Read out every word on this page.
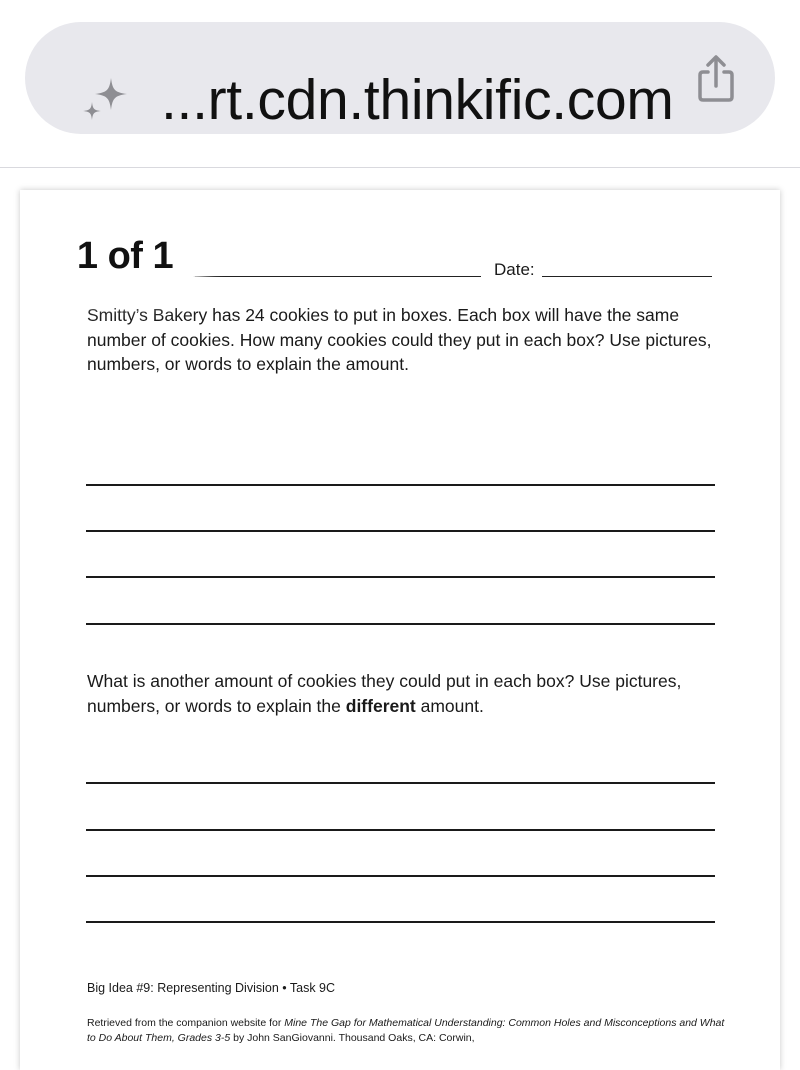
...rt.cdn.thinkific.com
Date:
Smitty’s Bakery has 24 cookies to put in boxes. Each box will have the same number of cookies. How many cookies could they put in each box? Use pictures, numbers, or words to explain the amount.
What is another amount of cookies they could put in each box? Use pictures, numbers, or words to explain the different amount.
Big Idea #9: Representing Division • Task 9C
Retrieved from the companion website for Mine The Gap for Mathematical Understanding: Common Holes and Misconceptions and What to Do About Them, Grades 3-5 by John SanGiovanni. Thousand Oaks, CA: Corwin,
1 of 1
